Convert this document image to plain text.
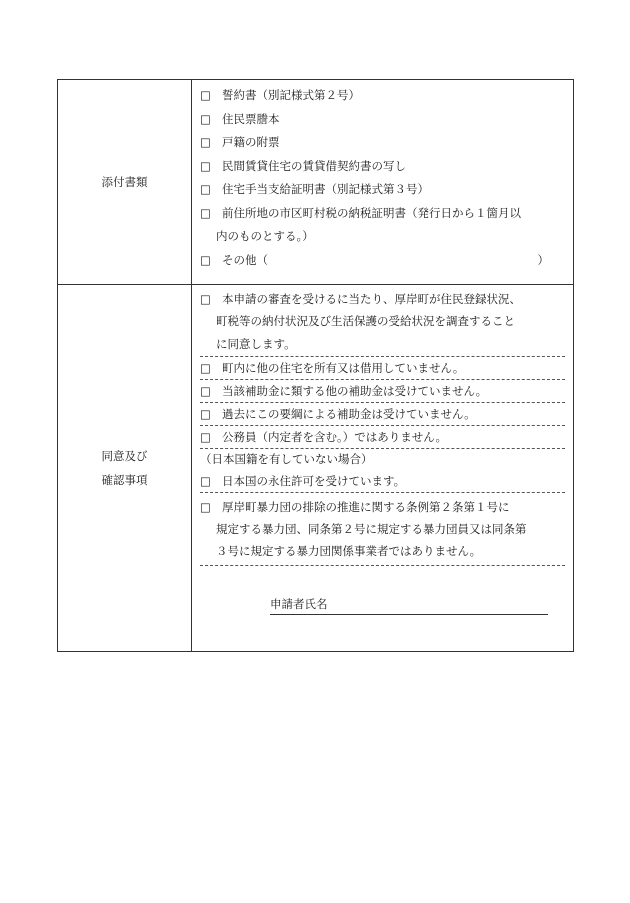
添付書類
□ 誓約書（別記様式第２号）
□ 住民票謄本
□ 戸籍の附票
□ 民間賃貸住宅の賃貸借契約書の写し
□ 住宅手当支給証明書（別記様式第３号）
□ 前住所地の市区町村税の納税証明書（発行日から１箇月以
内のものとする。）
□ その他（	）
同意及び
確認事項
□ 本申請の審査を受けるに当たり、厚岸町が住民登録状況、
町税等の納付状況及び生活保護の受給状況を調査すること
に同意します。
□ 町内に他の住宅を所有又は借用していません。
□ 当該補助金に類する他の補助金は受けていません。
□ 過去にこの要綱による補助金は受けていません。
□ 公務員（内定者を含む。）ではありません。
（日本国籍を有していない場合）
□ 日本国の永住許可を受けています。
□ 厚岸町暴力団の排除の推進に関する条例第２条第１号に
規定する暴力団、同条第２号に規定する暴力団員又は同条第
３号に規定する暴力団関係事業者ではありません。
申請者氏名
